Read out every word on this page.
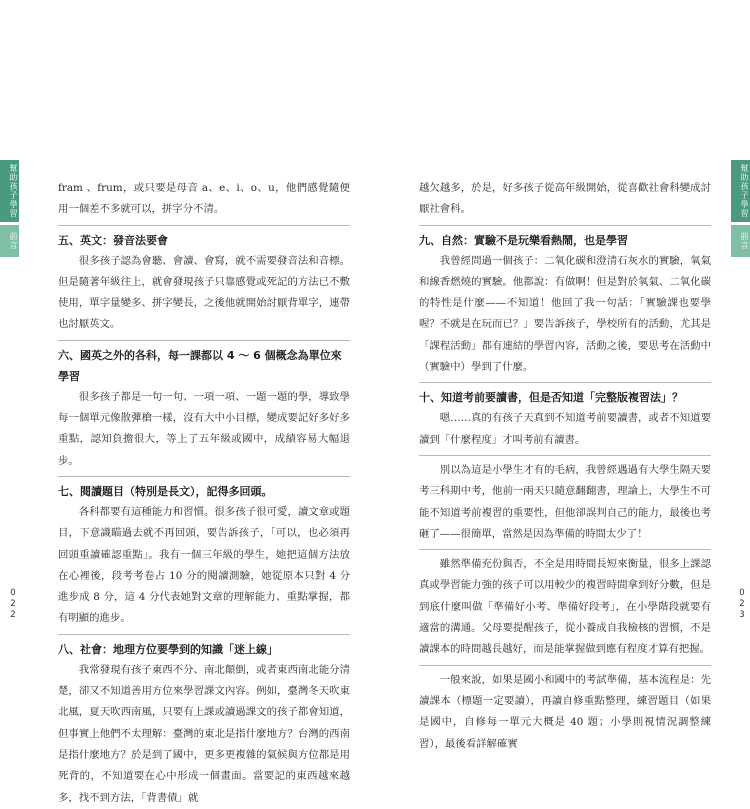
幫助孩子學習
前言
幫助孩子學習
前言
022	023

fram 、frum，或只要是母音 a、e、i、o、u，他們感覺隨便用一個差不多就可以，拼字分不清。

五、英文：發音法要會

很多孩子認為會聽、會讀、會寫，就不需要發音法和音標。但是隨著年級往上，就會發現孩子只靠感覺或死記的方法已不敷使用，單字量變多、拼字變長，之後他就開始討厭背單字，連帶也討厭英文。

六、國英之外的各科，每一課都以 4 ～ 6 個概念為單位來學習

很多孩子都是一句一句、一項一項、一題一題的學，導致學每一個單元像散彈槍一樣，沒有大中小目標，變成要記好多好多重點，認知負擔很大，等上了五年級或國中，成績容易大幅退步。

七、閱讀題目（特別是長文），記得多回頭。

各科都要有這種能力和習慣。很多孩子很可愛，讀文章或題目，下意識瞄過去就不再回頭，要告訴孩子，「可以，也必須再回頭重讀確認重點」。我有一個三年級的學生，她把這個方法放在心裡後，段考考卷占 10 分的閱讀測驗，她從原本只對 4 分進步成 8 分，這 4 分代表她對文章的理解能力、重點掌握，都有明顯的進步。

八、社會：地理方位要學到的知識「迷上線」

我常發現有孩子東西不分、南北顛倒，或者東西南北能分清楚，卻又不知道善用方位來學習課文內容。例如，臺灣冬天吹東北風，夏天吹西南風，只要有上課或讀過課文的孩子都會知道，但事實上他們不太理解：臺灣的東北是指什麼地方？台灣的西南是指什麼地方？於是到了國中，更多更複雜的氣候與方位都是用死背的，不知道要在心中形成一個畫面。當要記的東西越來越多，找不到方法，「背書債」就

越欠越多，於是，好多孩子從高年級開始，從喜歡社會科變成討厭社會科。

九、自然：實驗不是玩樂看熱鬧，也是學習

我曾經問過一個孩子：二氧化碳和澄清石灰水的實驗，氧氣和線香燃燒的實驗。他都說：有做啊！但是對於氧氣、二氧化碳的特性是什麼——不知道！他回了我一句話：「實驗課也要學喔？不就是在玩而已？」要告訴孩子，學校所有的活動，尤其是「課程活動」都有連結的學習內容，活動之後，要思考在活動中（實驗中）學到了什麼。

十、知道考前要讀書，但是否知道「完整版複習法」？

嗯……真的有孩子天真到不知道考前要讀書，或者不知道要讀到「什麼程度」才叫考前有讀書。

別以為這是小學生才有的毛病，我曾經遇過有大學生隔天要考三科期中考，他前一兩天只隨意翻翻書，理論上，大學生不可能不知道考前複習的重要性，但他卻誤判自己的能力，最後也考砸了——很簡單，當然是因為準備的時間太少了！

雖然準備充份與否，不全是用時間長短來衡量，很多上課認真或學習能力強的孩子可以用較少的複習時間拿到好分數，但是到底什麼叫做「準備好小考、準備好段考」，在小學階段就要有適當的溝通。父母要提醒孩子，從小養成自我檢核的習慣，不是讀課本的時間越長越好，而是能掌握做到應有程度才算有把握。

一般來說，如果是國小和國中的考試準備，基本流程是：先讀課本（標題一定要讀），再讀自修重點整理，練習題目（如果是國中，自修每一單元大概是 40 題；小學則視情況調整練習），最後看詳解確實
